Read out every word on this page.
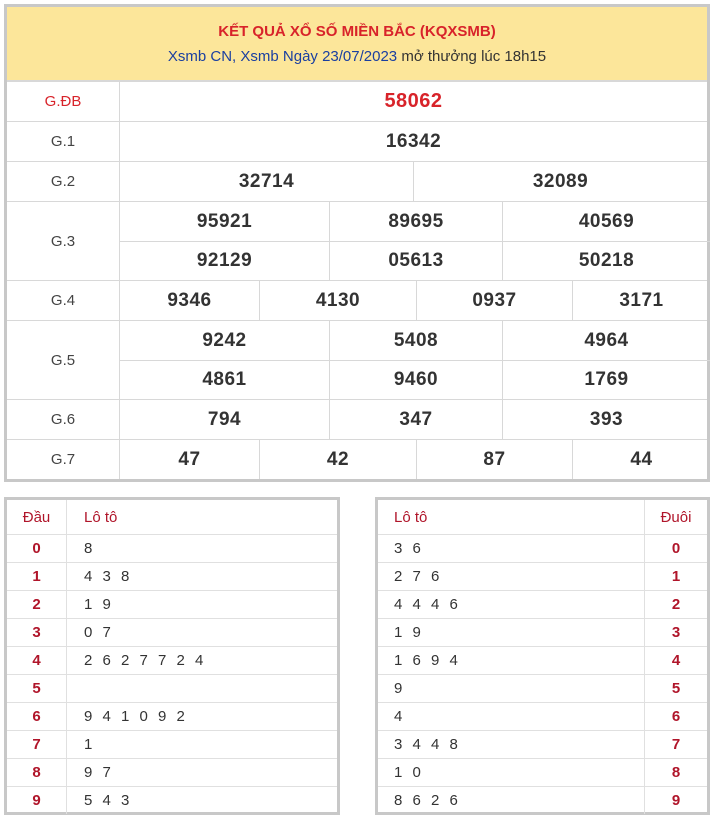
KẾT QUẢ XỔ SỐ MIỀN BẮC (KQXSMB)
Xsmb CN, Xsmb Ngày 23/07/2023 mở thưởng lúc 18h15
G.ĐB	58062
G.1	16342
G.2	32714	32089
G.3
95921	89695	40569
92129	05613	50218
G.4	9346	4130	0937	3171
G.5
9242	5408	4964
4861	9460	1769
G.6	794	347	393
G.7	47	42	87	44
Đầu	Lô tô
0	8
1	4 3 8
2	1 9
3	0 7
4	2 6 2 7 7 2 4
5
6	9 4 1 0 9 2
7	1
8	9 7
9	5 4 3
Lô tô	Đuôi
3 6	0
2 7 6	1
4 4 4 6	2
1 9	3
1 6 9 4	4
9	5
4	6
3 4 4 8	7
1 0	8
8 6 2 6	9
